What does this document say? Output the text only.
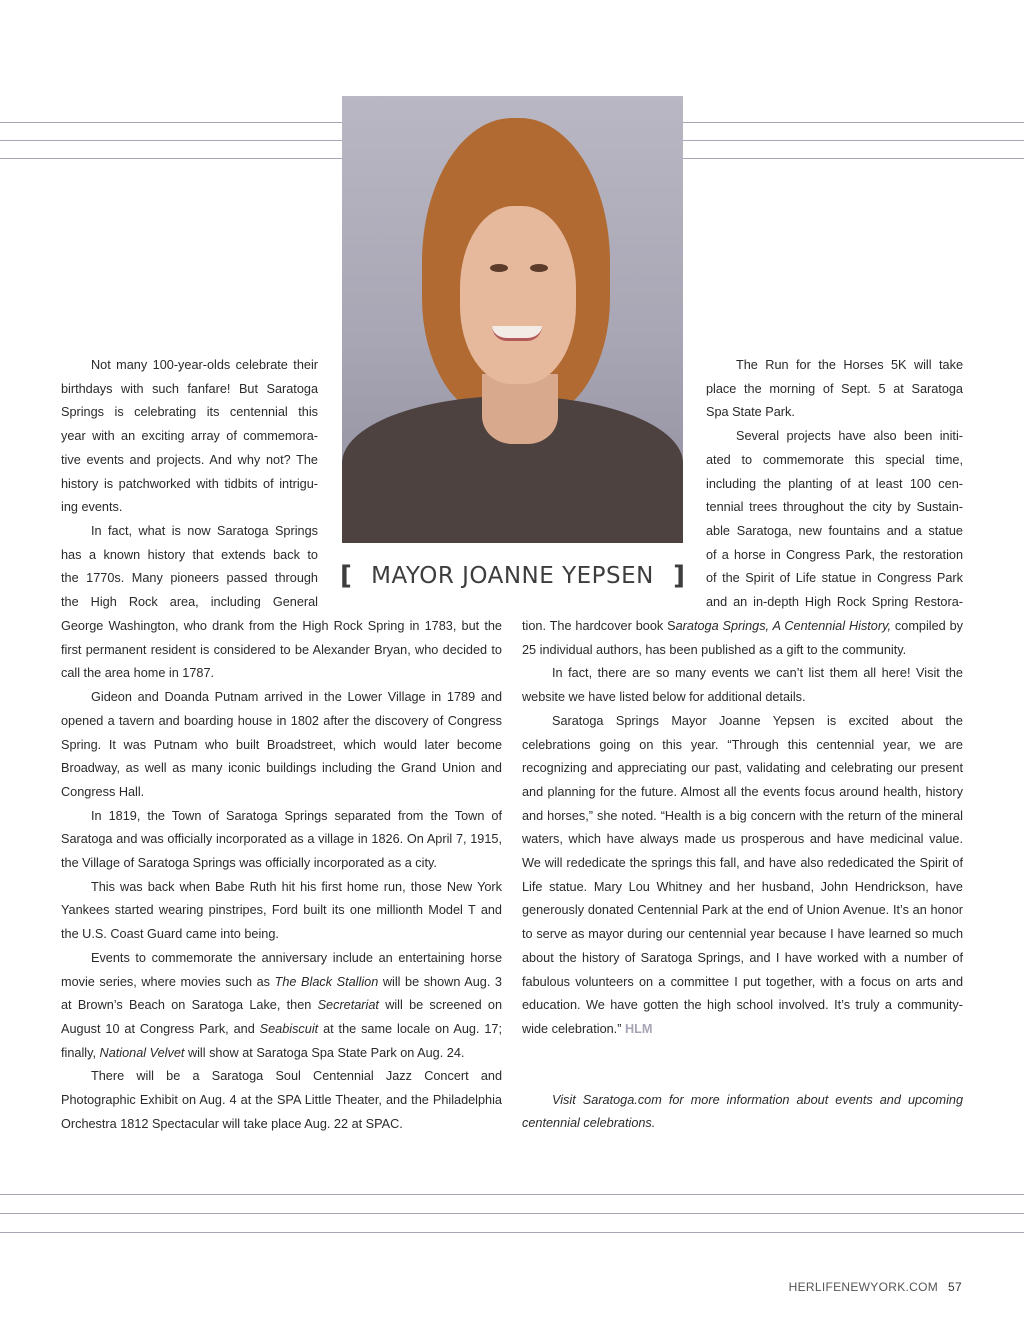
[ MAYOR JOANNE YEPSEN ]
Not many 100-year-olds celebrate their
birthdays with such fanfare! But Saratoga
Springs is celebrating its centennial this
year with an exciting array of commemora-
tive events and projects. And why not? The
history is patchworked with tidbits of intrigu-
ing events.
In fact, what is now Saratoga Springs
has a known history that extends back to
the 1770s. Many pioneers passed through
the High Rock area, including General
The Run for the Horses 5K will take
place the morning of Sept. 5 at Saratoga
Spa State Park.
Several projects have also been initi-
ated to commemorate this special time,
including the planting of at least 100 cen-
tennial trees throughout the city by Sustain-
able Saratoga, new fountains and a statue
of a horse in Congress Park, the restoration
of the Spirit of Life statue in Congress Park
and an in-depth High Rock Spring Restora-

George Washington, who drank from the High Rock Spring in 1783, but the first permanent resident is considered to be Alexander Bryan, who decided to call the area home in 1787.

Gideon and Doanda Putnam arrived in the Lower Village in 1789 and opened a tavern and boarding house in 1802 after the discovery of Congress Spring. It was Putnam who built Broadstreet, which would later become Broadway, as well as many iconic buildings including the Grand Union and Congress Hall.

In 1819, the Town of Saratoga Springs separated from the Town of Saratoga and was officially incorporated as a village in 1826. On April 7, 1915, the Village of Saratoga Springs was officially incorporated as a city.

This was back when Babe Ruth hit his first home run, those New York Yankees started wearing pinstripes, Ford built its one millionth Model T and the U.S. Coast Guard came into being.

Events to commemorate the anniversary include an entertaining horse movie series, where movies such as The Black Stallion will be shown Aug. 3 at Brown’s Beach on Saratoga Lake, then Secretariat will be screened on August 10 at Congress Park, and Seabiscuit at the same locale on Aug. 17; finally, National Velvet will show at Saratoga Spa State Park on Aug. 24.

There will be a Saratoga Soul Centennial Jazz Concert and Photographic Exhibit on Aug. 4 at the SPA Little Theater, and the Philadelphia Orchestra 1812 Spectacular will take place Aug. 22 at SPAC.

tion. The hardcover book Saratoga Springs, A Centennial History, compiled by 25 individual authors, has been published as a gift to the community.

In fact, there are so many events we can’t list them all here! Visit the website we have listed below for additional details.

Saratoga Springs Mayor Joanne Yepsen is excited about the celebrations going on this year. “Through this centennial year, we are recognizing and appreciating our past, validating and celebrating our present and planning for the future. Almost all the events focus around health, history and horses,” she noted. “Health is a big concern with the return of the mineral waters, which have always made us prosperous and have medicinal value. We will rededicate the springs this fall, and have also rededicated the Spirit of Life statue. Mary Lou Whitney and her husband, John Hendrickson, have generously donated Centennial Park at the end of Union Avenue. It’s an honor to serve as mayor during our centennial year because I have learned so much about the history of Saratoga Springs, and I have worked with a number of fabulous volunteers on a committee I put together, with a focus on arts and education. We have gotten the high school involved. It’s truly a community-wide celebration.” HLM

Visit Saratoga.com for more information about events and upcoming centennial celebrations.

HERLIFENEWYORK.COM 57
